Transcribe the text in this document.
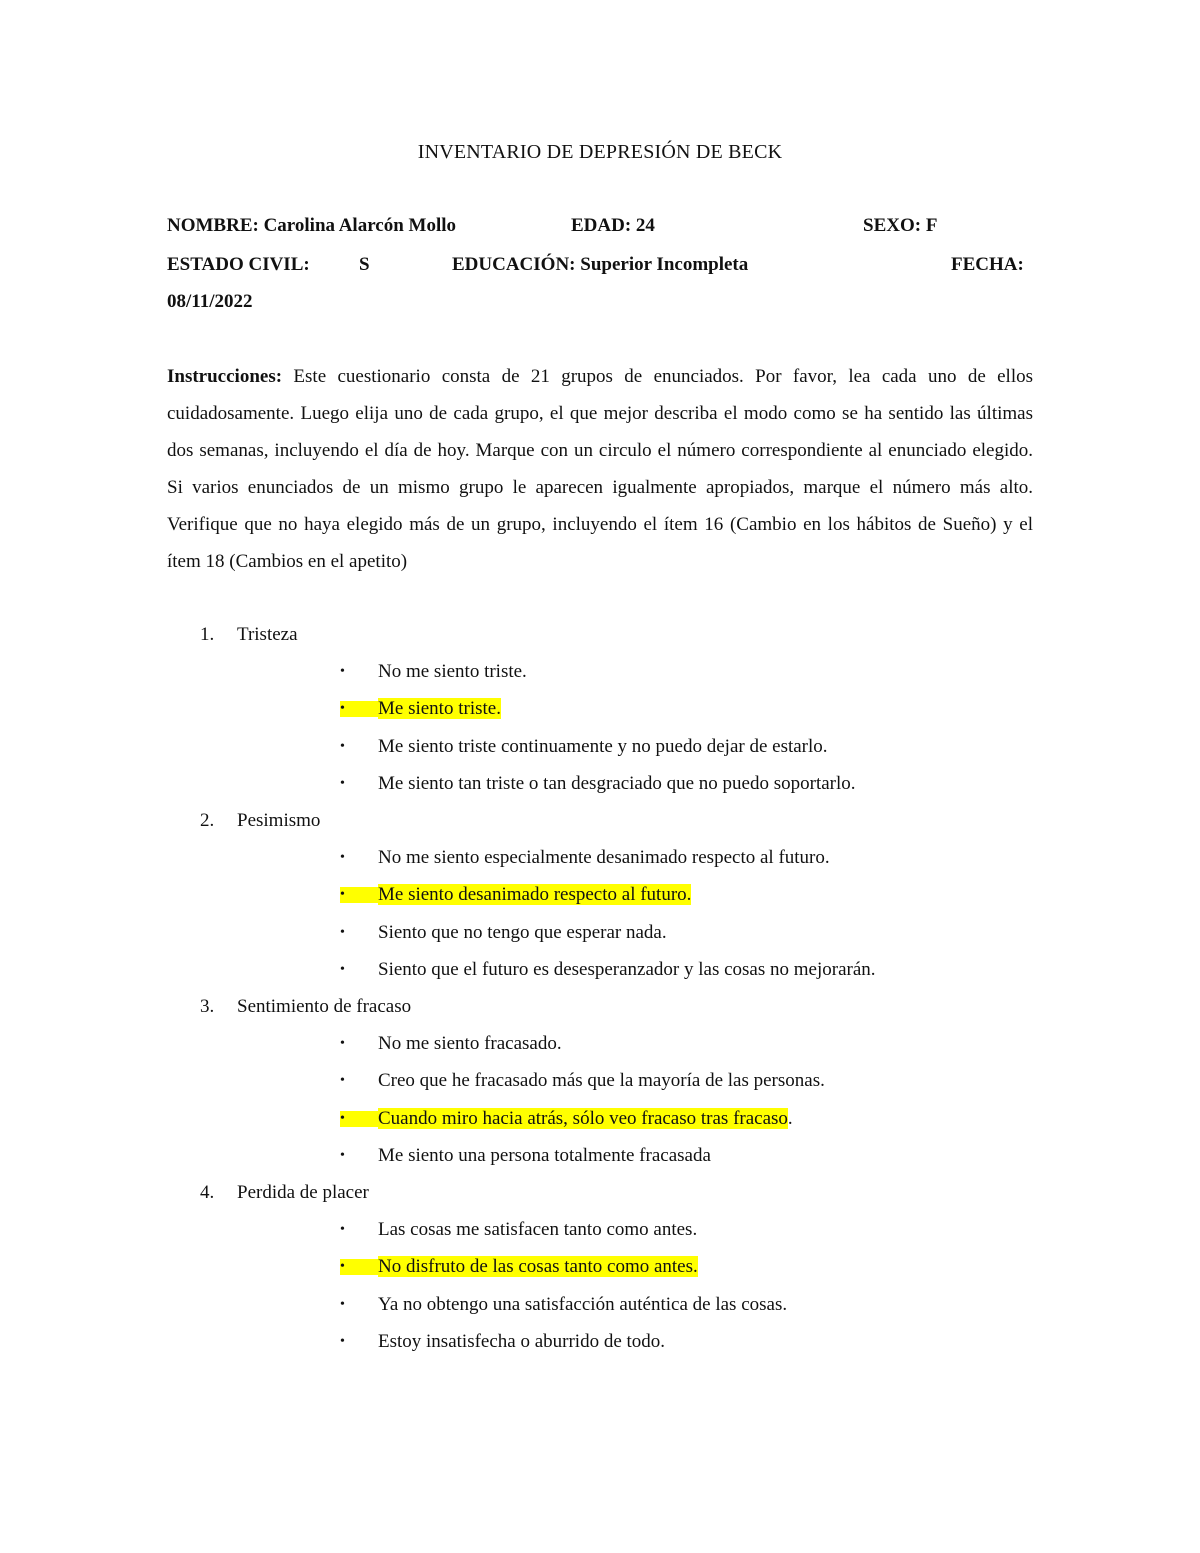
INVENTARIO DE DEPRESIÓN DE BECK
NOMBRE: Carolina Alarcón Mollo	EDAD: 24	SEXO: F
ESTADO CIVIL:	S	EDUCACIÓN: Superior Incompleta	FECHA:
08/11/2022
Instrucciones: Este cuestionario consta de 21 grupos de enunciados. Por favor, lea cada uno de ellos cuidadosamente. Luego elija uno de cada grupo, el que mejor describa el modo como se ha sentido las últimas dos semanas, incluyendo el día de hoy. Marque con un circulo el número correspondiente al enunciado elegido. Si varios enunciados de un mismo grupo le aparecen igualmente apropiados, marque el número más alto. Verifique que no haya elegido más de un grupo, incluyendo el ítem 16 (Cambio en los hábitos de Sueño) y el ítem 18 (Cambios en el apetito)
1. Tristeza
• No me siento triste.
• Me siento triste.
• Me siento triste continuamente y no puedo dejar de estarlo.
• Me siento tan triste o tan desgraciado que no puedo soportarlo.
2. Pesimismo
• No me siento especialmente desanimado respecto al futuro.
• Me siento desanimado respecto al futuro.
• Siento que no tengo que esperar nada.
• Siento que el futuro es desesperanzador y las cosas no mejorarán.
3. Sentimiento de fracaso
• No me siento fracasado.
• Creo que he fracasado más que la mayoría de las personas.
• Cuando miro hacia atrás, sólo veo fracaso tras fracaso.
• Me siento una persona totalmente fracasada
4. Perdida de placer
• Las cosas me satisfacen tanto como antes.
• No disfruto de las cosas tanto como antes.
• Ya no obtengo una satisfacción auténtica de las cosas.
• Estoy insatisfecha o aburrido de todo.
